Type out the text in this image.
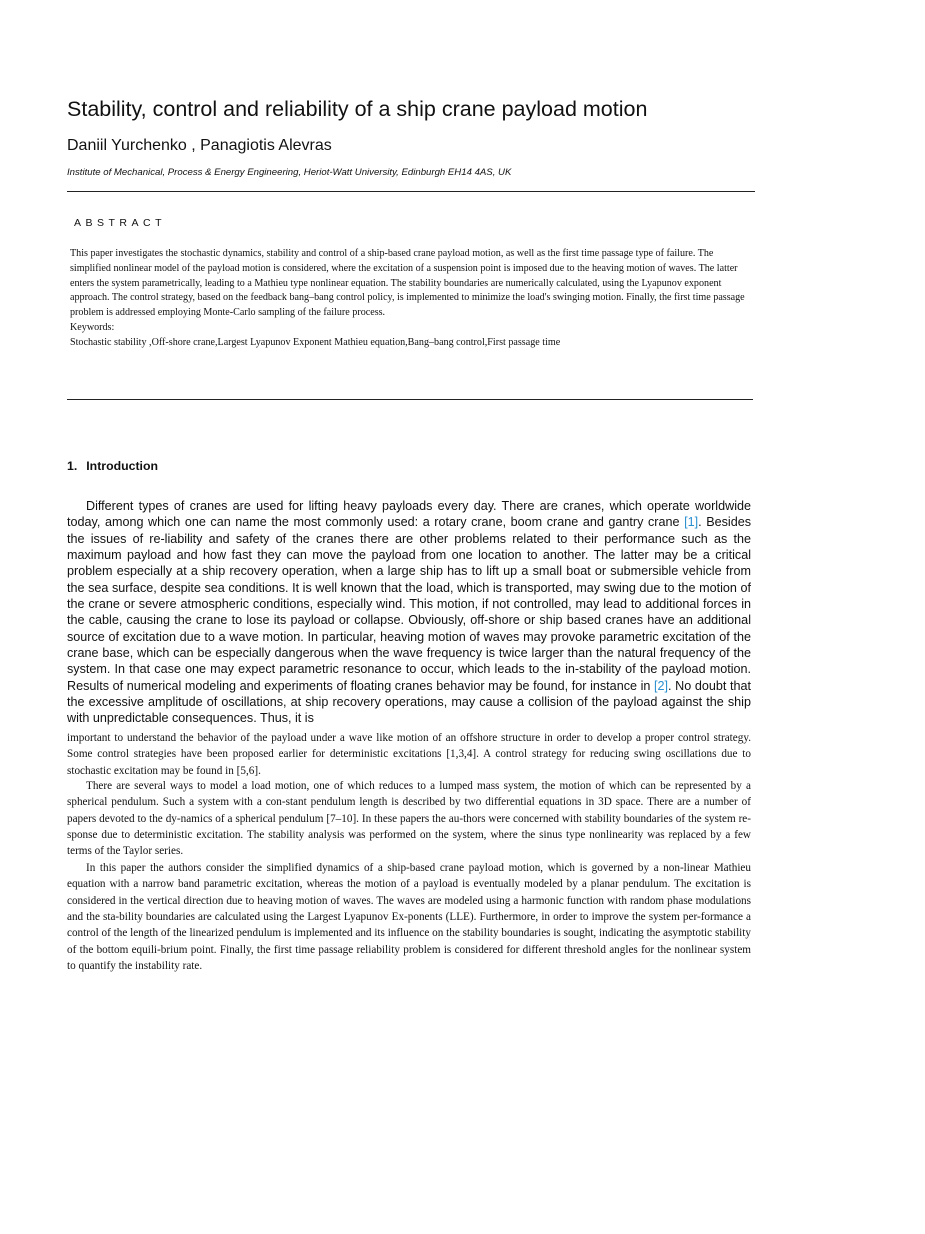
Stability, control and reliability of a ship crane payload motion
Daniil Yurchenko , Panagiotis Alevras
Institute of Mechanical, Process & Energy Engineering, Heriot-Watt University, Edinburgh EH14 4AS, UK
ABSTRACT

This paper investigates the stochastic dynamics, stability and control of a ship-based crane payload motion, as well as the first time passage type of failure. The simplified nonlinear model of the payload motion is considered, where the excitation of a suspension point is imposed due to the heaving motion of waves. The latter enters the system parametrically, leading to a Mathieu type nonlinear equation. The stability boundaries are numerically calculated, using the Lyapunov exponent approach. The control strategy, based on the feedback bang–bang control policy, is implemented to minimize the load's swinging motion. Finally, the first time passage problem is addressed employing Monte-Carlo sampling of the failure process.

Keywords:

Stochastic stability ,Off-shore crane,Largest Lyapunov Exponent Mathieu equation,Bang–bang control,First passage time

1. Introduction
Different types of cranes are used for lifting heavy payloads every day. There are cranes, which operate worldwide today, among which one can name the most commonly used: a rotary crane, boom crane and gantry crane [1]. Besides the issues of re-liability and safety of the cranes there are other problems related to their performance such as the maximum payload and how fast they can move the payload from one location to another. The latter may be a critical problem especially at a ship recovery operation, when a large ship has to lift up a small boat or submersible vehicle from the sea surface, despite sea conditions. It is well known that the load, which is transported, may swing due to the motion of the crane or severe atmospheric conditions, especially wind. This motion, if not controlled, may lead to additional forces in the cable, causing the crane to lose its payload or collapse. Obviously, off-shore or ship based cranes have an additional source of excitation due to a wave motion. In particular, heaving motion of waves may provoke parametric excitation of the crane base, which can be especially dangerous when the wave frequency is twice larger than the natural frequency of the system. In that case one may expect parametric resonance to occur, which leads to the in-stability of the payload motion. Results of numerical modeling and experiments of floating cranes behavior may be found, for instance in [2]. No doubt that the excessive amplitude of oscillations, at ship recovery operations, may cause a collision of the payload against the ship with unpredictable consequences. Thus, it is
important to understand the behavior of the payload under a wave like motion of an offshore structure in order to develop a proper control strategy. Some control strategies have been proposed earlier for deterministic excitations [1,3,4]. A control strategy for reducing swing oscillations due to stochastic excitation may be found in [5,6].
There are several ways to model a load motion, one of which reduces to a lumped mass system, the motion of which can be represented by a spherical pendulum. Such a system with a con-stant pendulum length is described by two differential equations in 3D space. There are a number of papers devoted to the dy-namics of a spherical pendulum [7–10]. In these papers the au-thors were concerned with stability boundaries of the system re-sponse due to deterministic excitation. The stability analysis was performed on the system, where the sinus type nonlinearity was replaced by a few terms of the Taylor series.
In this paper the authors consider the simplified dynamics of a ship-based crane payload motion, which is governed by a non-linear Mathieu equation with a narrow band parametric excitation, whereas the motion of a payload is eventually modeled by a planar pendulum. The excitation is considered in the vertical direction due to heaving motion of waves. The waves are modeled using a harmonic function with random phase modulations and the sta-bility boundaries are calculated using the Largest Lyapunov Ex-ponents (LLE). Furthermore, in order to improve the system per-formance a control of the length of the linearized pendulum is implemented and its influence on the stability boundaries is sought, indicating the asymptotic stability of the bottom equili-brium point. Finally, the first time passage reliability problem is considered for different threshold angles for the nonlinear system to quantify the instability rate.
